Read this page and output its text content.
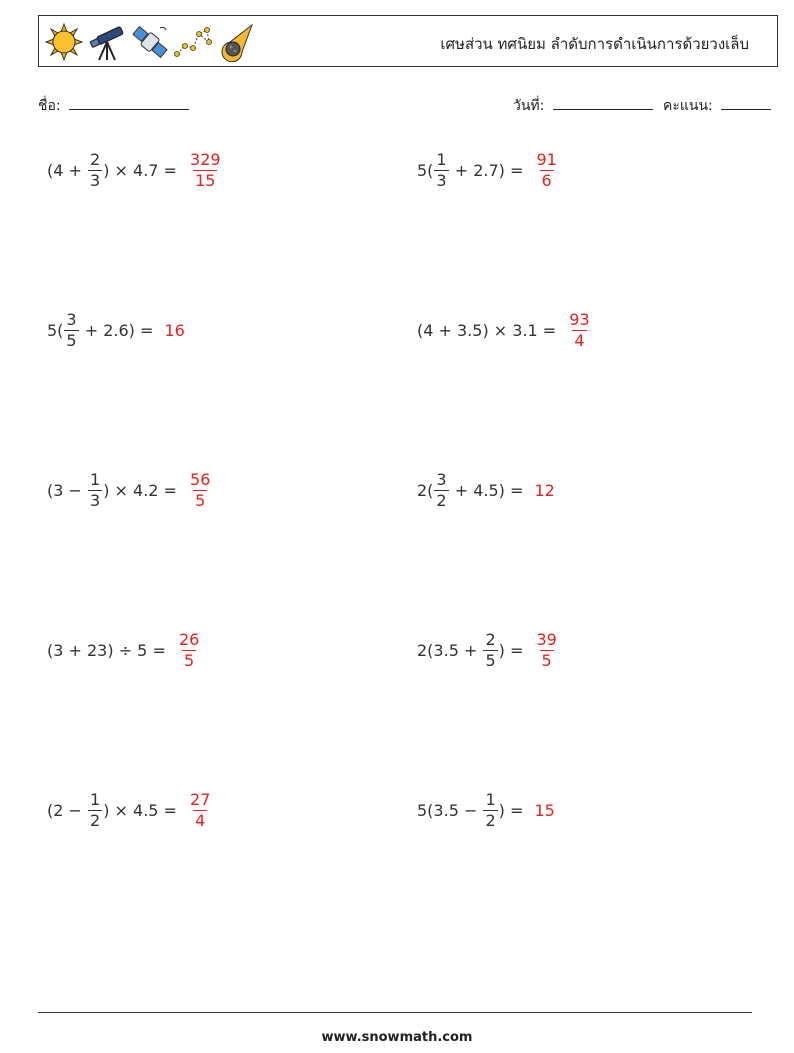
เศษส่วน ทศนิยม ลำดับการดำเนินการด้วยวงเล็บ
ชื่อ:	วันที่:	คะแนน:
($4 + \frac{2}{3}$ ) × $4.7 = \frac{329}{15}$	$5( \frac{1}{3} + 2.7) = \frac{91}{6}$
$5( \frac{3}{5} + 2.6) = 16$	$(4 + 3.5) \times 3.1 = \frac{93}{4}$
($3 - \frac{1}{3}$ ) × $4.2 = \frac{56}{5}$	$2( \frac{3}{2} + 4.5) = 12$
$(3 + 23) \div 5 = \frac{26}{5}$	$2(3.5 + \frac{2}{5}$ ) = $\frac{39}{5}$
($2 - \frac{1}{2}$ ) × $4.5 = \frac{27}{4}$	$5(3.5 - \frac{1}{2}$ ) = 15
www.snowmath.com
